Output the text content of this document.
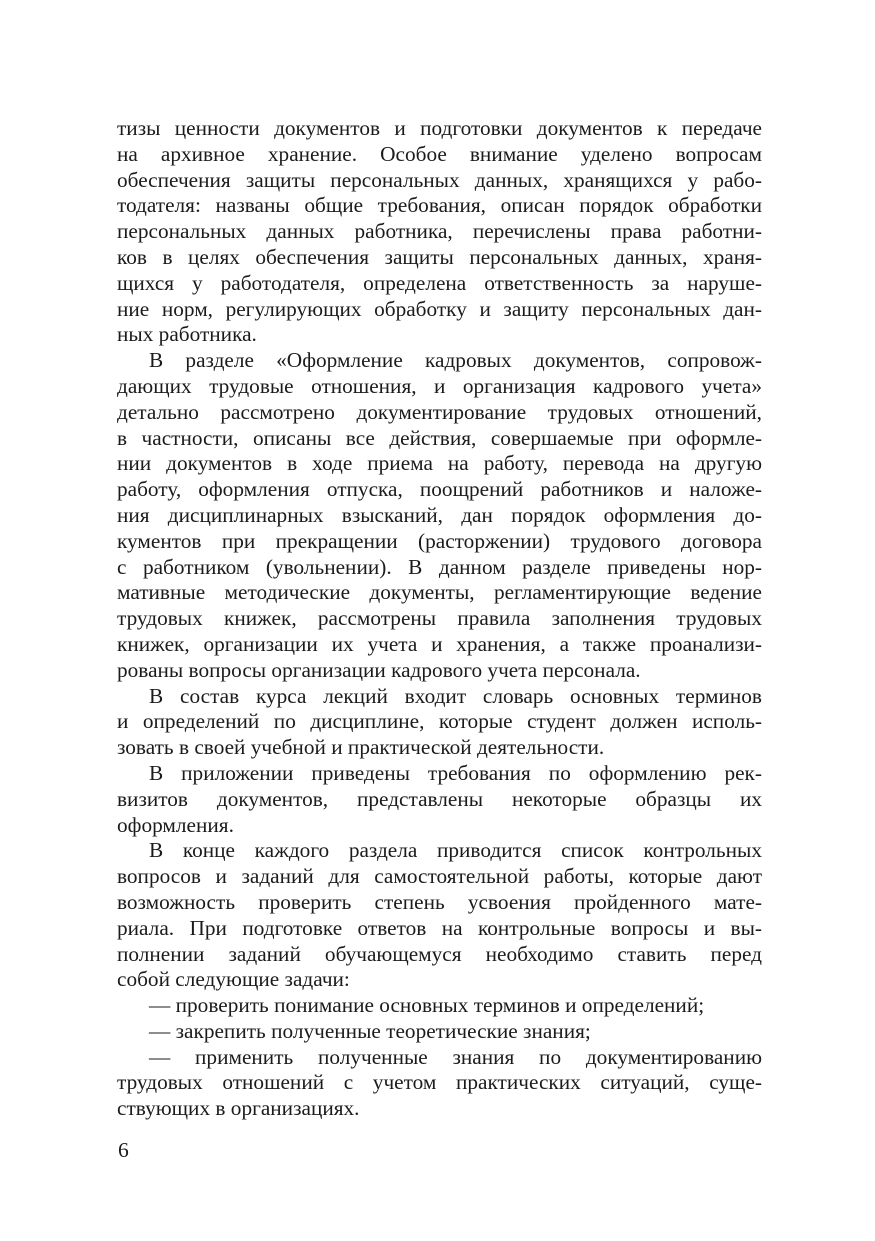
тизы ценности документов и подготовки документов к передаче
на архивное хранение. Особое внимание уделено вопросам
обеспечения защиты персональных данных, хранящихся у рабо-
тодателя: названы общие требования, описан порядок обработки
персональных данных работника, перечислены права работни-
ков в целях обеспечения защиты персональных данных, храня-
щихся у работодателя, определена ответственность за наруше-
ние норм, регулирующих обработку и защиту персональных дан-
ных работника.
В разделе «Оформление кадровых документов, сопровож-
дающих трудовые отношения, и организация кадрового учета»
детально рассмотрено документирование трудовых отношений,
в частности, описаны все действия, совершаемые при оформле-
нии документов в ходе приема на работу, перевода на другую
работу, оформления отпуска, поощрений работников и наложе-
ния дисциплинарных взысканий, дан порядок оформления до-
кументов при прекращении (расторжении) трудового договора
с работником (увольнении). В данном разделе приведены нор-
мативные методические документы, регламентирующие ведение
трудовых книжек, рассмотрены правила заполнения трудовых
книжек, организации их учета и хранения, а также проанализи-
рованы вопросы организации кадрового учета персонала.
В состав курса лекций входит словарь основных терминов
и определений по дисциплине, которые студент должен исполь-
зовать в своей учебной и практической деятельности.
В приложении приведены требования по оформлению рек-
визитов документов, представлены некоторые образцы их
оформления.
В конце каждого раздела приводится список контрольных
вопросов и заданий для самостоятельной работы, которые дают
возможность проверить степень усвоения пройденного мате-
риала. При подготовке ответов на контрольные вопросы и вы-
полнении заданий обучающемуся необходимо ставить перед
собой следующие задачи:
— проверить понимание основных терминов и определений;
— закрепить полученные теоретические знания;
— применить полученные знания по документированию
трудовых отношений с учетом практических ситуаций, суще-
ствующих в организациях.
6
